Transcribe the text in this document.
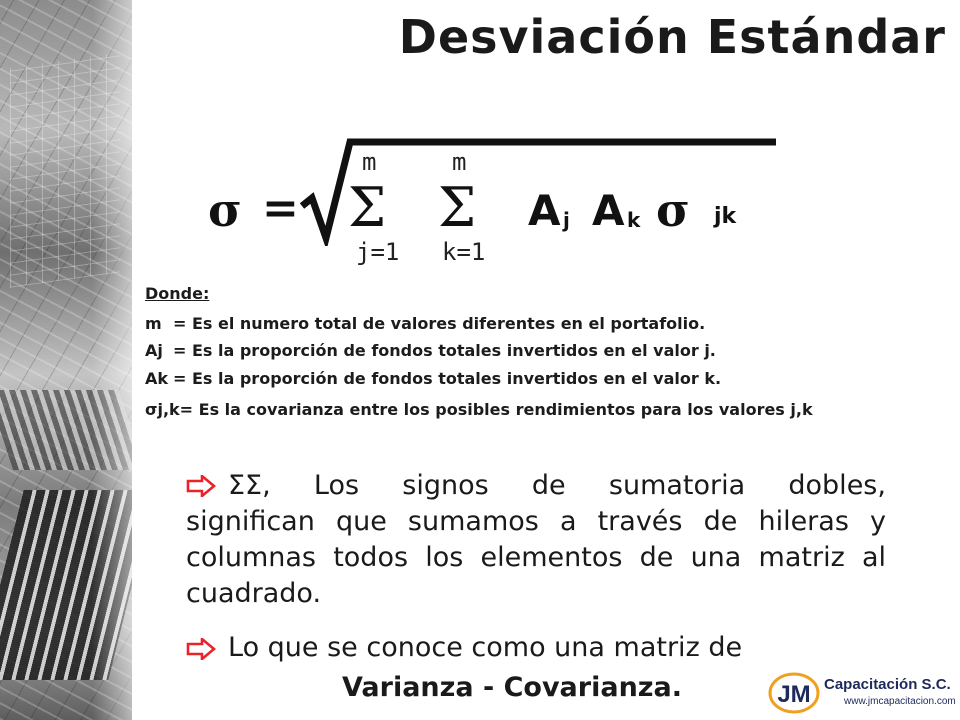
Desviación Estándar
σ =
m	m
Σ Σ
j=1 k=1
A j A k σ jk
Donde:
m = Es el numero total de valores diferentes en el portafolio.
Aj = Es la proporción de fondos totales invertidos en el valor j.
Ak = Es la proporción de fondos totales invertidos en el valor k.
σj,k= Es la covarianza entre los posibles rendimientos para los valores j,k
ΣΣ, Los signos de sumatoria dobles,
significan que sumamos a través de hileras y columnas todos los elementos de una matriz al cuadrado.
Lo que se conoce como una matriz de
Varianza - Covarianza.	JM Capacitación S.C.
www.jmcapacitacion.com
